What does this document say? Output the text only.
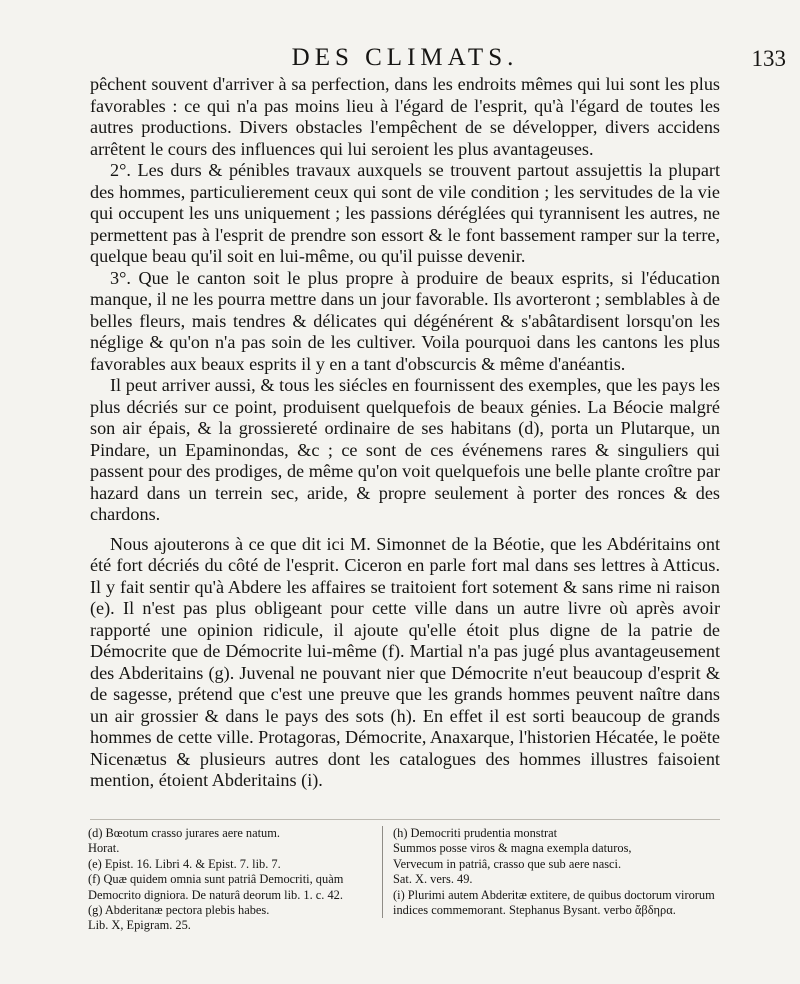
DES CLIMATS.	133

pêchent souvent d'arriver à sa perfection, dans les endroits mêmes qui lui sont les plus favorables : ce qui n'a pas moins lieu à l'égard de l'esprit, qu'à l'égard de toutes les autres productions. Divers obstacles l'empêchent de se développer, divers accidens arrêtent le cours des influences qui lui seroient les plus avantageuses.

2°. Les durs & pénibles travaux auxquels se trouvent partout assujettis la plupart des hommes, particulierement ceux qui sont de vile condition ; les servitudes de la vie qui occupent les uns uniquement ; les passions déréglées qui tyrannisent les autres, ne permettent pas à l'esprit de prendre son essort & le font bassement ramper sur la terre, quelque beau qu'il soit en lui-même, ou qu'il puisse devenir.

3°. Que le canton soit le plus propre à produire de beaux esprits, si l'éducation manque, il ne les pourra mettre dans un jour favorable. Ils avorteront ; semblables à de belles fleurs, mais tendres & délicates qui dégénérent & s'abâtardisent lorsqu'on les néglige & qu'on n'a pas soin de les cultiver. Voila pourquoi dans les cantons les plus favorables aux beaux esprits il y en a tant d'obscurcis & même d'anéantis.

Il peut arriver aussi, & tous les siécles en fournissent des exemples, que les pays les plus décriés sur ce point, produisent quelquefois de beaux génies. La Béocie malgré son air épais, & la grossiereté ordinaire de ses habitans (d), porta un Plutarque, un Pindare, un Epaminondas, &c ; ce sont de ces événemens rares & singuliers qui passent pour des prodiges, de même qu'on voit quelquefois une belle plante croître par hazard dans un terrein sec, aride, & propre seulement à porter des ronces & des chardons.

Nous ajouterons à ce que dit ici M. Simonnet de la Béotie, que les Abdéritains ont été fort décriés du côté de l'esprit. Ciceron en parle fort mal dans ses lettres à Atticus. Il y fait sentir qu'à Abdere les affaires se traitoient fort sotement & sans rime ni raison (e). Il n'est pas plus obligeant pour cette ville dans un autre livre où après avoir rapporté une opinion ridicule, il ajoute qu'elle étoit plus digne de la patrie de Démocrite que de Démocrite lui-même (f). Martial n'a pas jugé plus avantageusement des Abderitains (g). Juvenal ne pouvant nier que Démocrite n'eut beaucoup d'esprit & de sagesse, prétend que c'est une preuve que les grands hommes peuvent naître dans un air grossier & dans le pays des sots (h). En effet il est sorti beaucoup de grands hommes de cette ville. Protagoras, Démocrite, Anaxarque, l'historien Hécatée, le poëte Nicenætus & plusieurs autres dont les catalogues des hommes illustres faisoient mention, étoient Abderitains (i).

(d) Bœotum crasso jurares aere natum.

Horat.

(e) Epist. 16. Libri 4. & Epist. 7. lib. 7.

(f) Quæ quidem omnia sunt patriâ Democriti, quàm Democrito digniora. De naturâ deorum lib. 1. c. 42.

(g) Abderitanæ pectora plebis habes.

Lib. X, Epigram. 25.

(h) Democriti prudentia monstrat

Summos posse viros & magna exempla daturos,

Vervecum in patriâ, crasso que sub aere nasci.

Sat. X. vers. 49.

(i) Plurimi autem Abderitæ extitere, de quibus doctorum virorum indices commemorant. Stephanus Bysant. verbo ἄβδηρα.
